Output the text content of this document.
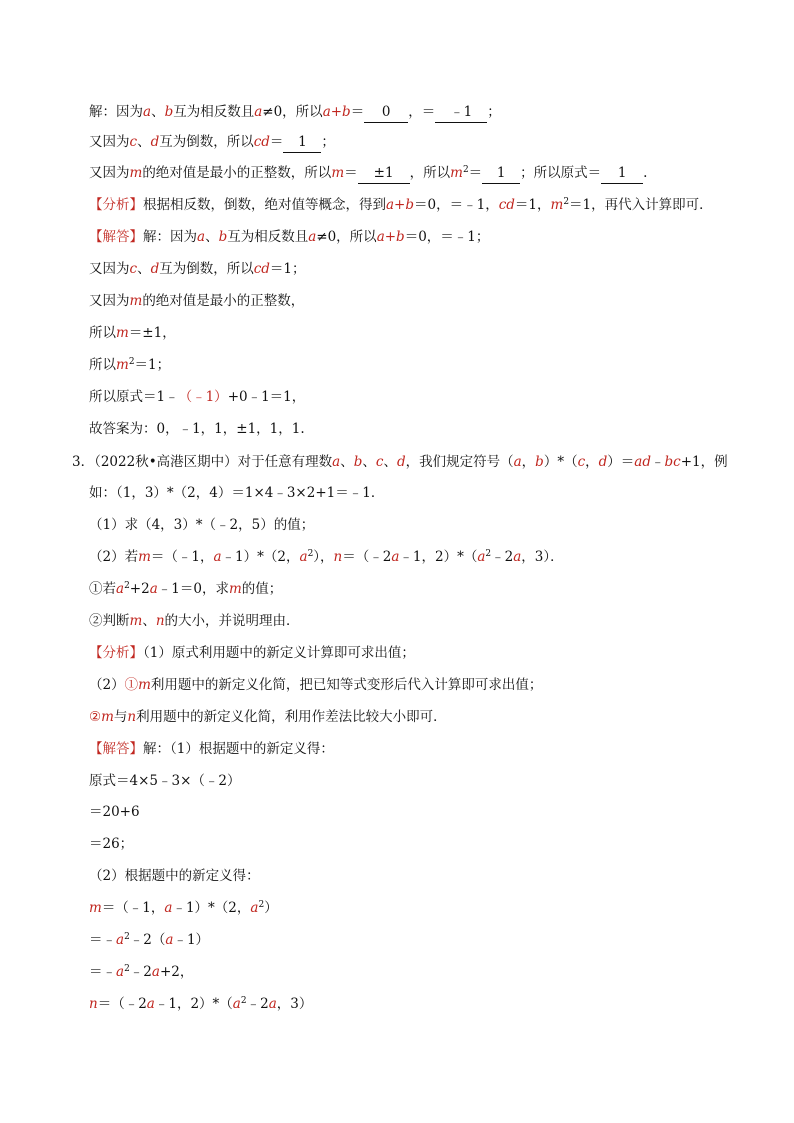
解：因为a、b互为相反数且a≠0，所以a+b＝ 0 ，＝ ﹣1 ；
又因为c、d互为倒数，所以cd＝ 1 ；
又因为m的绝对值是最小的正整数，所以m＝ ±1 ，所以$m^2= 1$ ；所以原式＝ 1 .
【分析】根据相反数，倒数，绝对值等概念，得到a+b＝0，＝﹣1，cd＝1，$m^2=1$，再代入计算即可．
【解答】解：因为a、b互为相反数且a≠0，所以a+b＝0，＝﹣1；
又因为c、d互为倒数，所以cd＝1；
又因为m的绝对值是最小的正整数，
所以m＝±1，
所以$m^2=1$；
所以原式＝1﹣（﹣1）+0﹣1＝1，
故答案为：0，﹣1，1，±1，1，1.
3．（2022秋•高港区期中）对于任意有理数a、b、c、d，我们规定符号（a，b）*（c，d）＝ad﹣bc+1，例
如：（1，3）*（2，4）＝1×4﹣3×2+1＝﹣1．
（1）求（4，3）*（﹣2，5）的值；
（2）若m＝（﹣1，a﹣1）*（2，$a^2$），n＝（﹣2a﹣1，$2)*(a^2﹣2a$，3）．
①若$a^2+2a﹣1=0$，求m的值；
②判断m、n的大小，并说明理由．
【分析】（1）原式利用题中的新定义计算即可求出值；
（2）①m利用题中的新定义化简，把已知等式变形后代入计算即可求出值；
②m与n利用题中的新定义化简，利用作差法比较大小即可．
【解答】解：（1）根据题中的新定义得：
原式＝4×5﹣3×（﹣2）
＝20+6
＝26；
（2）根据题中的新定义得：
m＝（﹣1，a﹣1）*（2，$a^2$）
$=﹣a^2﹣2(a﹣1)$
$=﹣a^2﹣2a+2$，
n＝（﹣2a﹣1，$2)*(a^2﹣2a$，3）
